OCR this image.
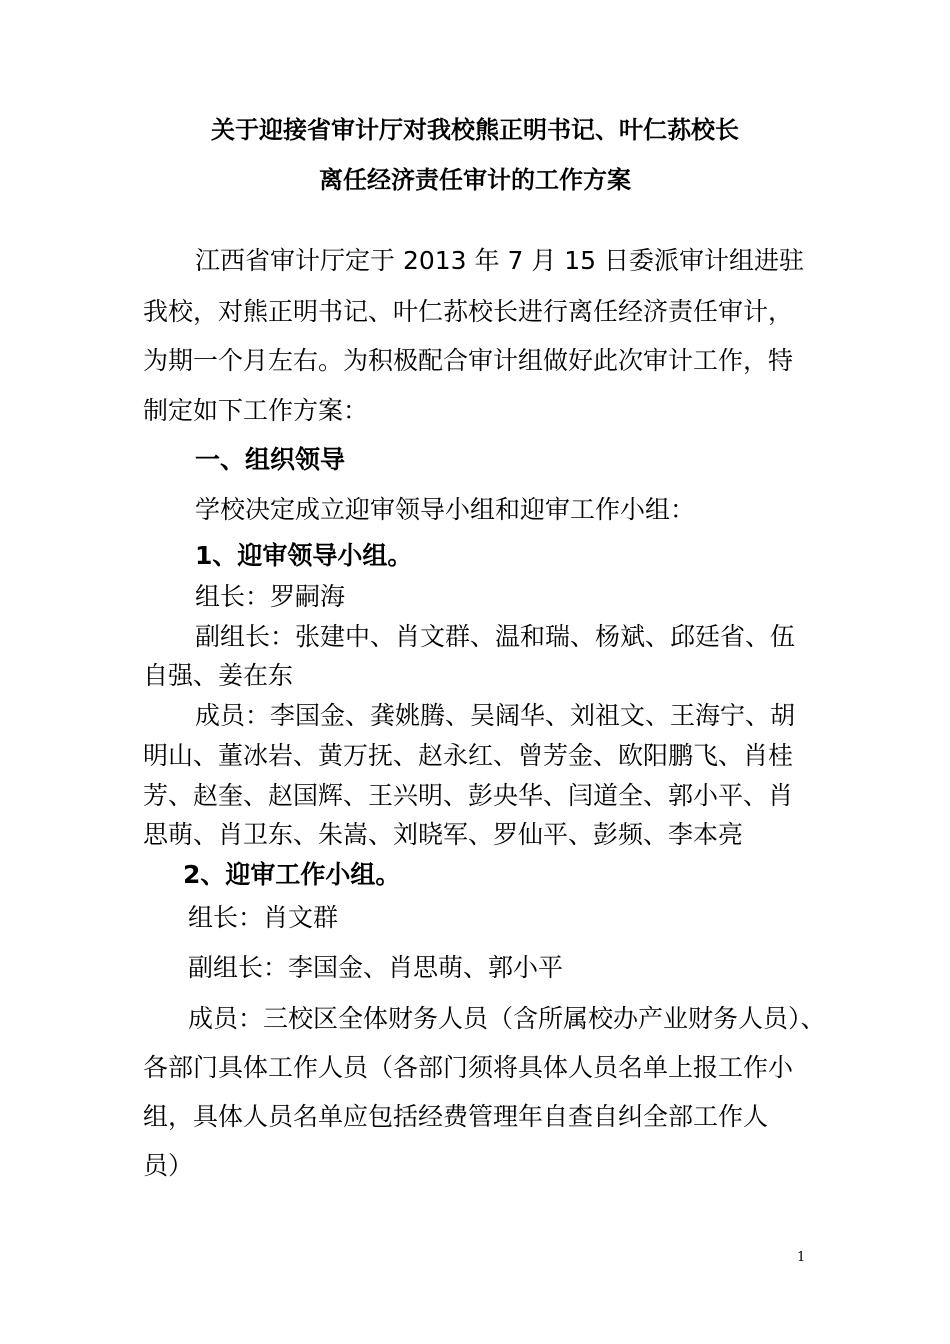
关于迎接省审计厅对我校熊正明书记、叶仁荪校长
离任经济责任审计的工作方案
江西省审计厅定于 2013 年 7 月 15 日委派审计组进驻
我校，对熊正明书记、叶仁荪校长进行离任经济责任审计，
为期一个月左右。为积极配合审计组做好此次审计工作，特
制定如下工作方案：
一、组织领导
学校决定成立迎审领导小组和迎审工作小组：
1、迎审领导小组。
组长：罗嗣海
副组长：张建中、肖文群、温和瑞、杨斌、邱廷省、伍
自强、姜在东
成员：李国金、龚姚腾、吴阔华、刘祖文、王海宁、胡
明山、董冰岩、黄万抚、赵永红、曾芳金、欧阳鹏飞、肖桂
芳、赵奎、赵国辉、王兴明、彭央华、闫道全、郭小平、肖
思萌、肖卫东、朱嵩、刘晓军、罗仙平、彭频、李本亮
2、迎审工作小组。
组长：肖文群
副组长：李国金、肖思萌、郭小平
成员：三校区全体财务人员（含所属校办产业财务人员）、
各部门具体工作人员（各部门须将具体人员名单上报工作小
组，具体人员名单应包括经费管理年自查自纠全部工作人
员）
1
